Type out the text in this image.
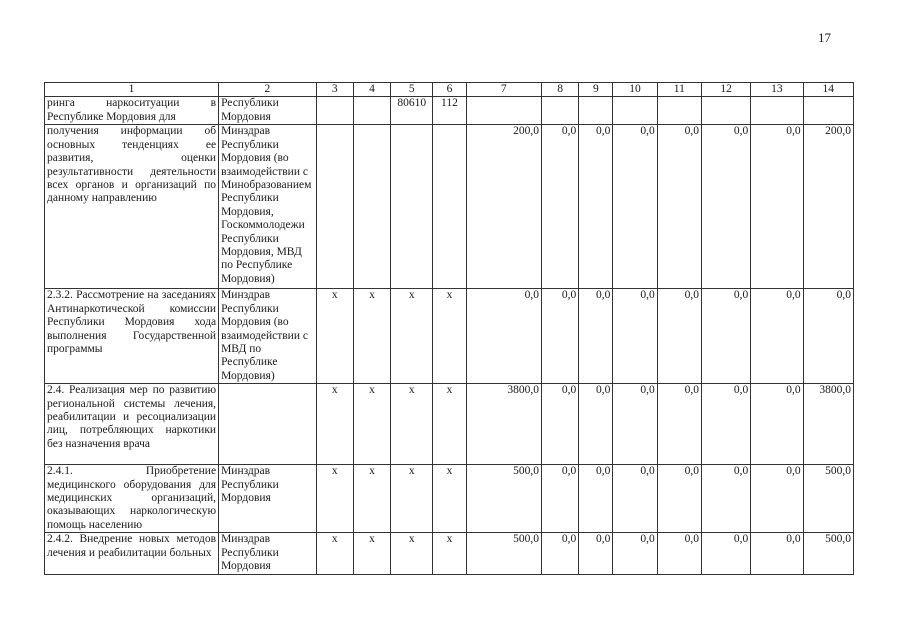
17
1	2	3	4	5	6	7	8	9	10	11	12	13	14
ринга наркоситуации в Республике Мордовия для	Республики Мордовия			80610	112								
получения информации об основных тенденциях ее развития, оценки результативности деятельности всех органов и организаций по данному направлению	Минздрав Республики Мордовия (во взаимодействии с Минобразованием Республики Мордовия, Госкоммолодежи Республики Мордовия, МВД по Республике Мордовия)					200,0	0,0	0,0	0,0	0,0	0,0	0,0	200,0
2.3.2. Рассмотрение на заседаниях Антинаркотической комиссии Республики Мордовия хода выполнения Государственной программы	Минздрав Республики Мордовия (во взаимодействии с МВД по Республике Мордовия)	х	х	х	х	0,0	0,0	0,0	0,0	0,0	0,0	0,0	0,0
2.4. Реализация мер по развитию региональной системы лечения, реабилитации и ресоциализации лиц, потребляющих наркотики без назначения врача		х	х	х	х	3800,0	0,0	0,0	0,0	0,0	0,0	0,0	3800,0
2.4.1. Приобретение медицинского оборудования для медицинских организаций, оказывающих наркологическую помощь населению	Минздрав Республики Мордовия	х	х	х	х	500,0	0,0	0,0	0,0	0,0	0,0	0,0	500,0
2.4.2. Внедрение новых методов лечения и реабилитации больных	Минздрав Республики Мордовия	х	х	х	х	500,0	0,0	0,0	0,0	0,0	0,0	0,0	500,0
